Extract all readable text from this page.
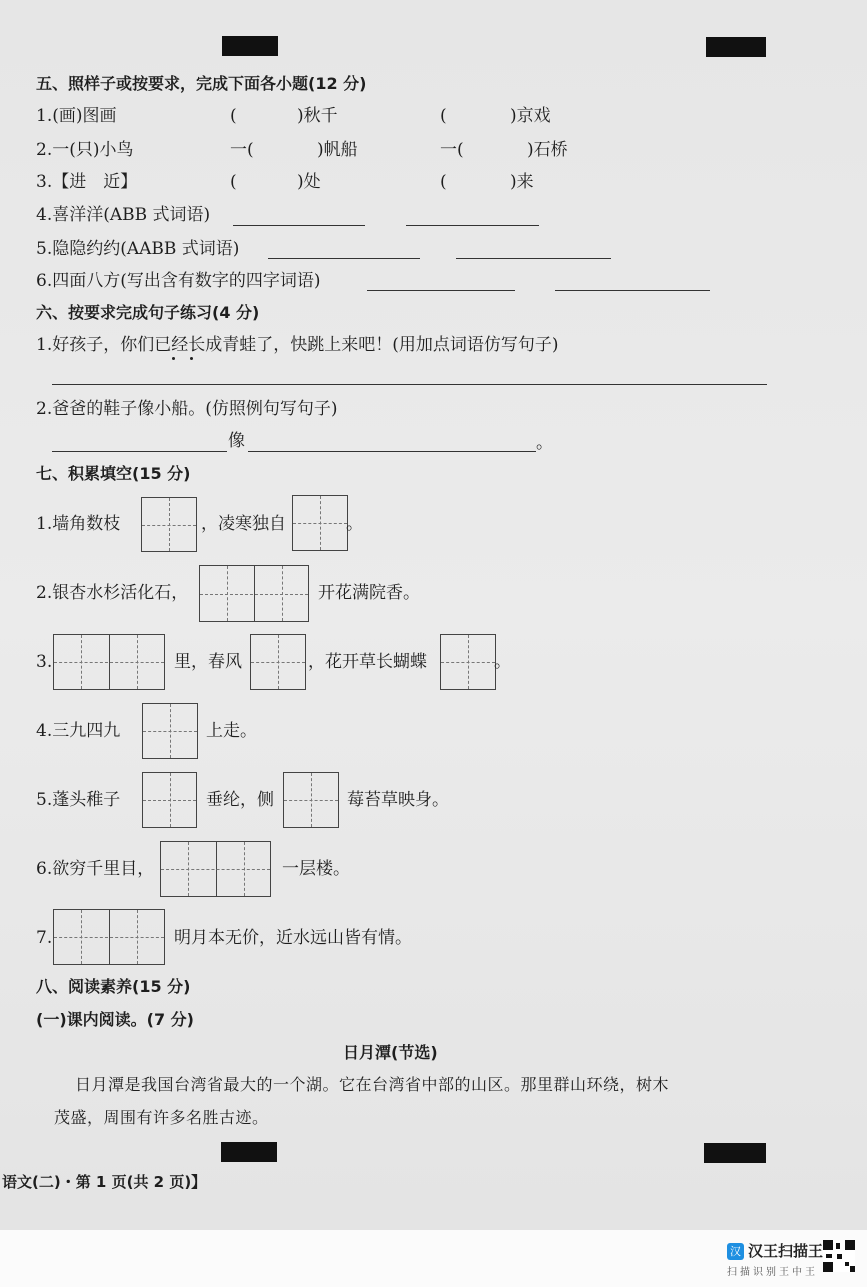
五、照样子或按要求，完成下面各小题(12 分)
1.(画)图画	(	)秋千	(	)京戏
2.一(只)小鸟	一(	)帆船	一(	)石桥
3.【进　近】	(	)处	(	)来
4.喜洋洋(ABB 式词语)
5.隐隐约约(AABB 式词语)
6.四面八方(写出含有数字的四字词语)
六、按要求完成句子练习(4 分)
1.好孩子，你们已经长成青蛙了，快跳上来吧！(用加点词语仿写句子)
2.爸爸的鞋子像小船。(仿照例句写句子)
像	。
七、积累填空(15 分)
1.墙角数枝	，凌寒独自	。
2.银杏水杉活化石，	开花满院香。
3.	里，春风	，花开草长蝴蝶	。
4.三九四九	上走。
5.蓬头稚子	垂纶，侧	莓苔草映身。
6.欲穷千里目，	一层楼。
7.	明月本无价，近水远山皆有情。
八、阅读素养(15 分)
(一)课内阅读。(7 分)
日月潭(节选)
日月潭是我国台湾省最大的一个湖。它在台湾省中部的山区。那里群山环绕，树木
茂盛，周围有许多名胜古迹。
语文(二)・第 1 页(共 2 页)】
汉 汉王扫描王
扫描识别王中王
